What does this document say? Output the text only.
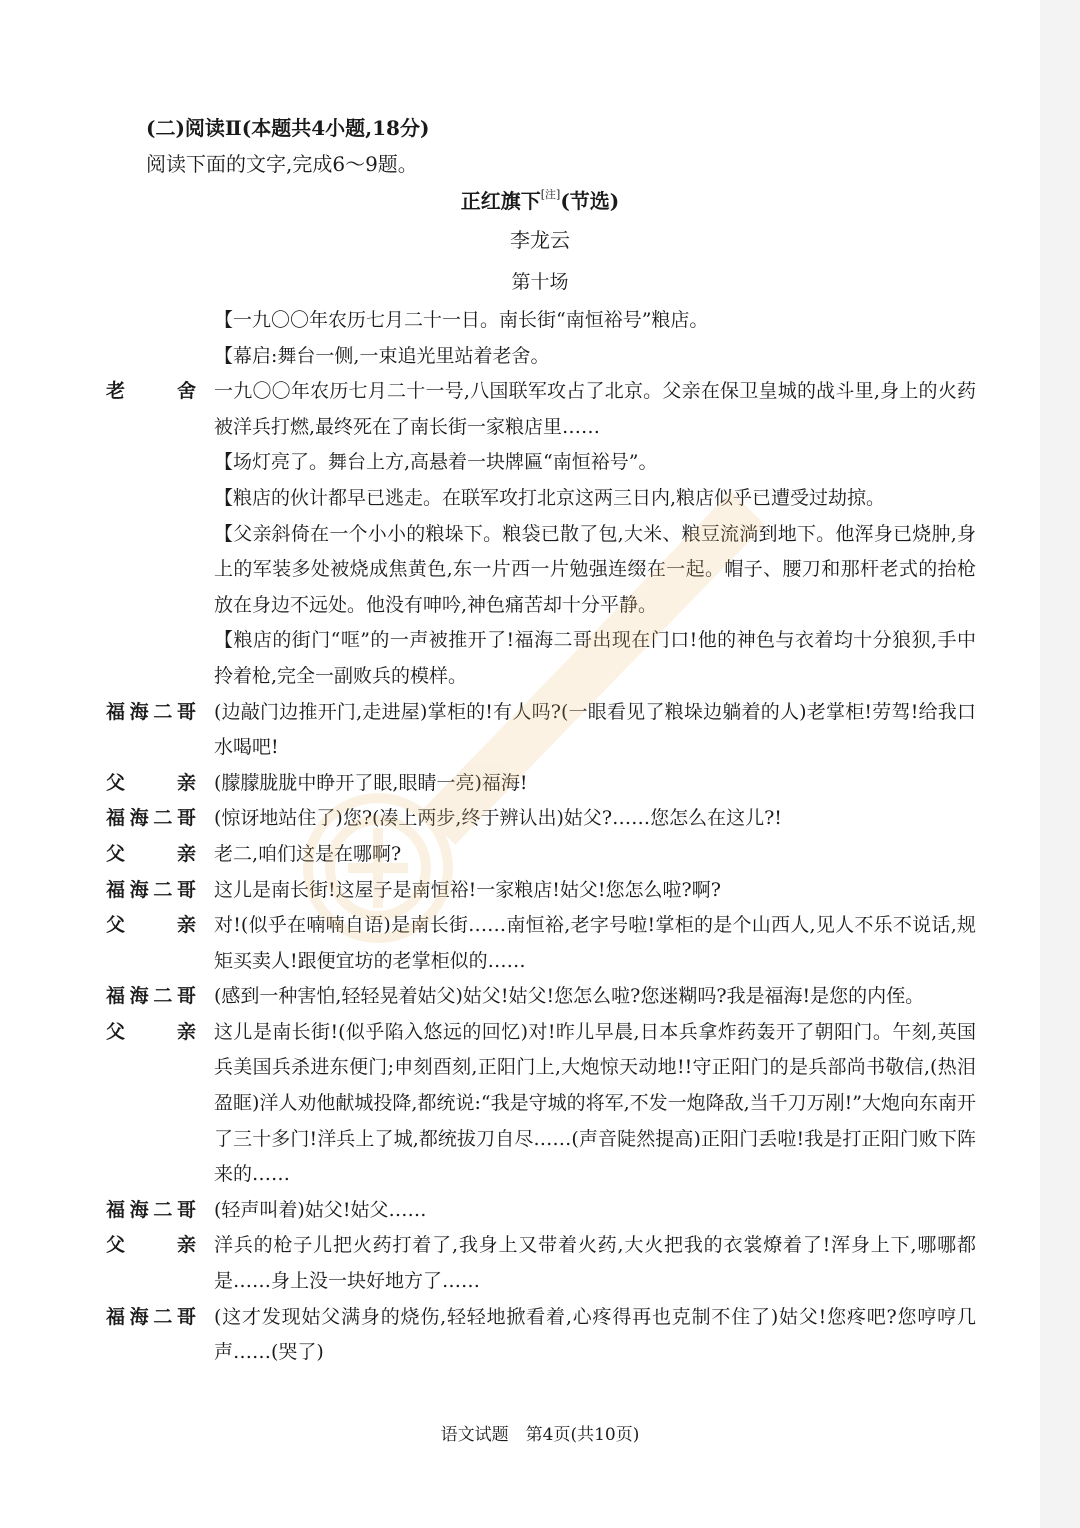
(二)阅读Ⅱ(本题共4小题,18分)
阅读下面的文字,完成6～9题。
正红旗下[注](节选)
李龙云
第十场
【一九〇〇年农历七月二十一日。南长街“南恒裕号”粮店。
【幕启:舞台一侧,一束追光里站着老舍。
老舍 一九〇〇年农历七月二十一号,八国联军攻占了北京。父亲在保卫皇城的战斗里,身上的火药被洋兵打燃,最终死在了南长街一家粮店里……
【场灯亮了。舞台上方,高悬着一块牌匾“南恒裕号”。
【粮店的伙计都早已逃走。在联军攻打北京这两三日内,粮店似乎已遭受过劫掠。
【父亲斜倚在一个小小的粮垛下。粮袋已散了包,大米、粮豆流淌到地下。他浑身已烧肿,身上的军装多处被烧成焦黄色,东一片西一片勉强连缀在一起。帽子、腰刀和那杆老式的抬枪放在身边不远处。他没有呻吟,神色痛苦却十分平静。
【粮店的街门“哐”的一声被推开了!福海二哥出现在门口!他的神色与衣着均十分狼狈,手中拎着枪,完全一副败兵的模样。
福海二哥 (边敲门边推开门,走进屋)掌柜的!有人吗?(一眼看见了粮垛边躺着的人)老掌柜!劳驾!给我口水喝吧!
父亲 (朦朦胧胧中睁开了眼,眼睛一亮)福海!
福海二哥 (惊讶地站住了)您?(凑上两步,终于辨认出)姑父?……您怎么在这儿?!
父亲 老二,咱们这是在哪啊?
福海二哥 这儿是南长街!这屋子是南恒裕!一家粮店!姑父!您怎么啦?啊?
父亲 对!(似乎在喃喃自语)是南长街……南恒裕,老字号啦!掌柜的是个山西人,见人不乐不说话,规矩买卖人!跟便宜坊的老掌柜似的……
福海二哥 (感到一种害怕,轻轻晃着姑父)姑父!姑父!您怎么啦?您迷糊吗?我是福海!是您的内侄。
父亲 这儿是南长街!(似乎陷入悠远的回忆)对!昨儿早晨,日本兵拿炸药轰开了朝阳门。午刻,英国兵美国兵杀进东便门;申刻酉刻,正阳门上,大炮惊天动地!!守正阳门的是兵部尚书敬信,(热泪盈眶)洋人劝他献城投降,都统说:“我是守城的将军,不发一炮降敌,当千刀万剐!”大炮向东南开了三十多门!洋兵上了城,都统拔刀自尽……(声音陡然提高)正阳门丢啦!我是打正阳门败下阵来的……
福海二哥 (轻声叫着)姑父!姑父……
父亲 洋兵的枪子儿把火药打着了,我身上又带着火药,大火把我的衣裳燎着了!浑身上下,哪哪都是……身上没一块好地方了……
福海二哥 (这才发现姑父满身的烧伤,轻轻地掀看着,心疼得再也克制不住了)姑父!您疼吧?您哼哼几声……(哭了)
语文试题　第4页(共10页)
